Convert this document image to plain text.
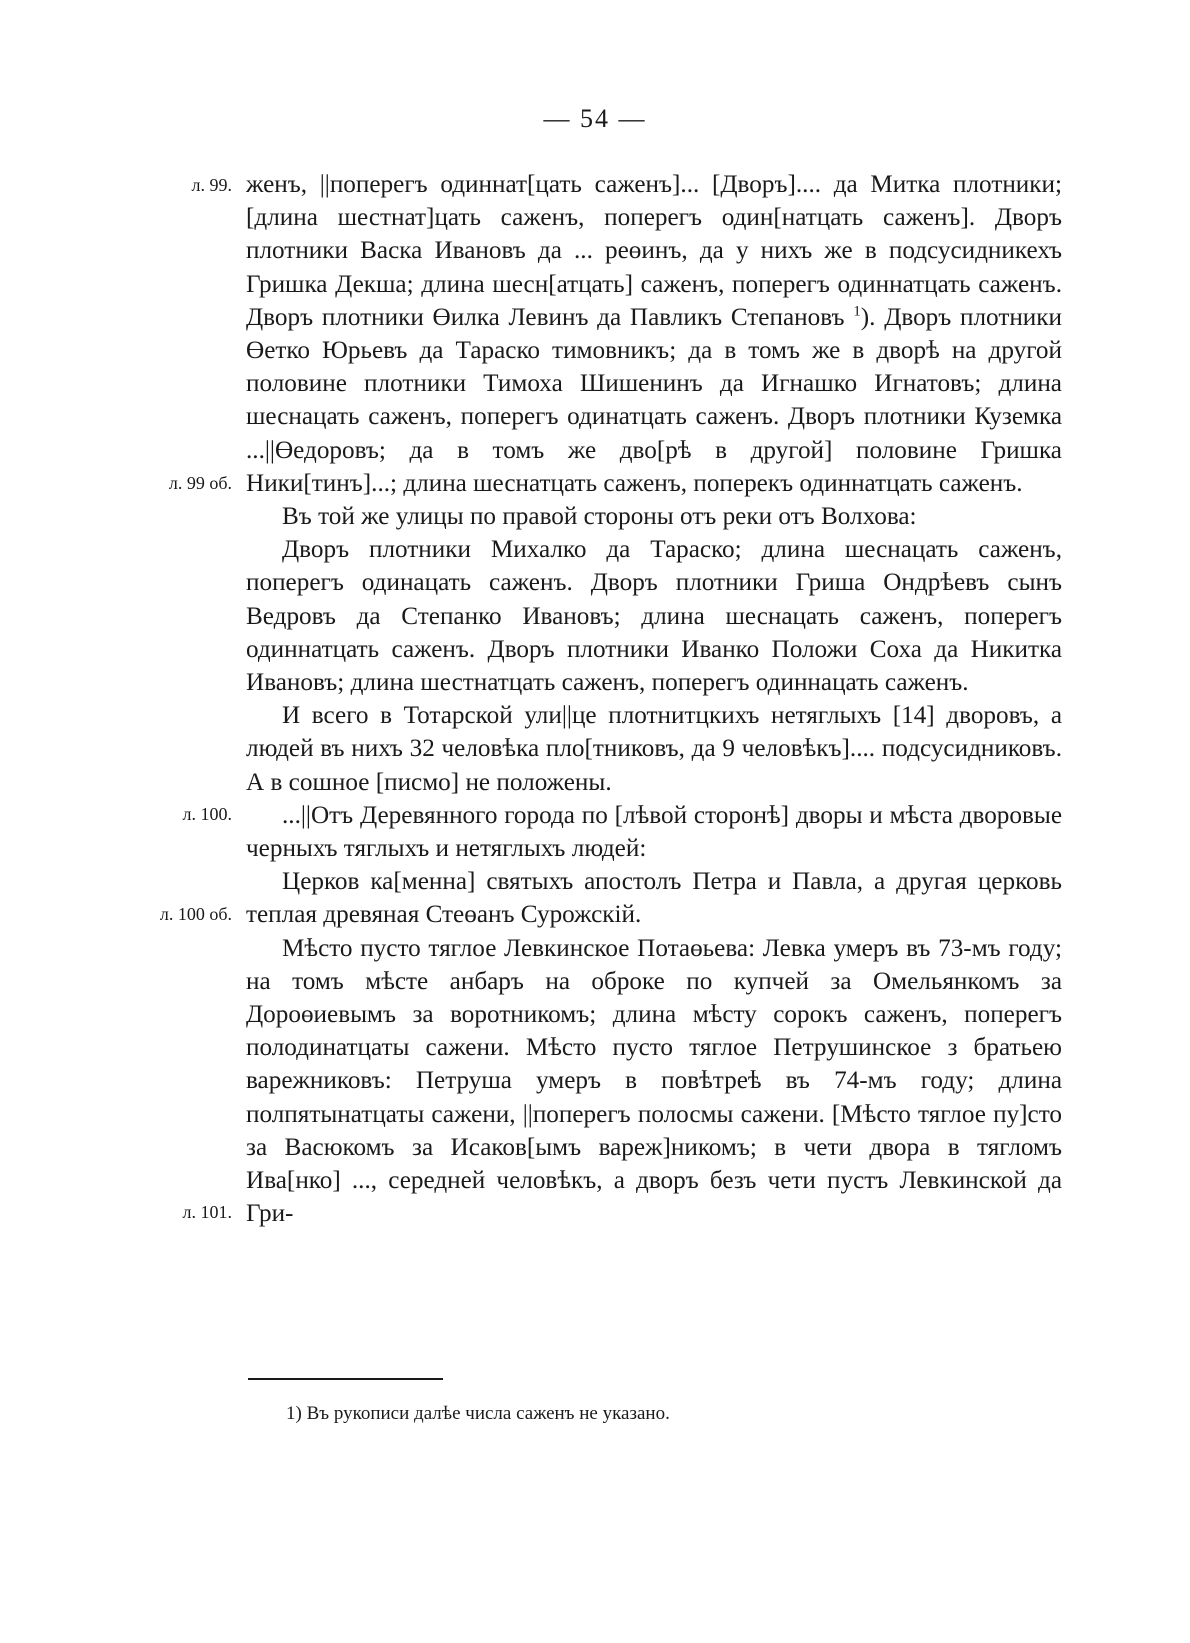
— 54 —
л. 99.
л. 99 об.
л. 100.
л. 100 об.
л. 101.

женъ, ||поперегъ одиннат[цать саженъ]... [Дворъ].... да Митка плотники; [длина шестнат]цать саженъ, поперегъ один[натцать саженъ]. Дворъ плотники Васка Ивановъ да ... реөинъ, да у нихъ же в подсусидникехъ Гришка Декша; длина шесн[атцать] саженъ, поперегъ одиннатцать саженъ. Дворъ плотники Өилка Левинъ да Павликъ Степановъ $^1$). Дворъ плотники Өетко Юрьевъ да Тараско тимовникъ; да в томъ же в дворѣ на другой половине плотники Тимоха Шишенинъ да Игнашко Игнатовъ; длина шеснацать саженъ, поперегъ одинатцать саженъ. Дворъ плотники Куземка ...||Өедоровъ; да в томъ же дво[рѣ в другой] половине Гришка Ники[тинъ]...; длина шеснатцать саженъ, поперекъ одиннатцать саженъ.

Въ той же улицы по правой стороны отъ реки отъ Волхова:

Дворъ плотники Михалко да Тараско; длина шеснацать саженъ, поперегъ одинацать саженъ. Дворъ плотники Гриша Ондрѣевъ сынъ Ведровъ да Степанко Ивановъ; длина шеснацать саженъ, поперегъ одиннатцать саженъ. Дворъ плотники Иванко Положи Соха да Никитка Ивановъ; длина шестнатцать саженъ, поперегъ одиннацать саженъ.

И всего в Тотарской ули||це плотнитцкихъ нетяглыхъ [14] дворовъ, а людей въ нихъ 32 человѣка пло[тниковъ, да 9 человѣкъ].... подсусидниковъ. А в сошное [писмо] не положены.

...||Отъ Деревянного города по [лѣвой сторонѣ] дворы и мѣста дворовые черныхъ тяглыхъ и нетяглыхъ людей:

Церков ка[менна] святыхъ апостолъ Петра и Павла, а другая церковь теплая древяная Стеөанъ Сурожскій.

Мѣсто пусто тяглое Левкинское Потаөьева: Левка умеръ въ 73-мъ году; на томъ мѣсте анбаръ на оброке по купчей за Омельянкомъ за Дороөиевымъ за воротникомъ; длина мѣсту сорокъ саженъ, поперегъ полодинатцаты сажени. Мѣсто пусто тяглое Петрушинское з братьею варежниковъ: Петруша умеръ в повѣтреѣ въ 74-мъ году; длина полпятынатцаты сажени, ||поперегъ полосмы сажени. [Мѣсто тяглое пу]сто за Васюкомъ за Исаков[ымъ вареж]никомъ; в чети двора в тягломъ Ива[нко] ..., середней человѣкъ, а дворъ безъ чети пустъ Левкинской да Гри-

1) Въ рукописи далѣе числа саженъ не указано.
